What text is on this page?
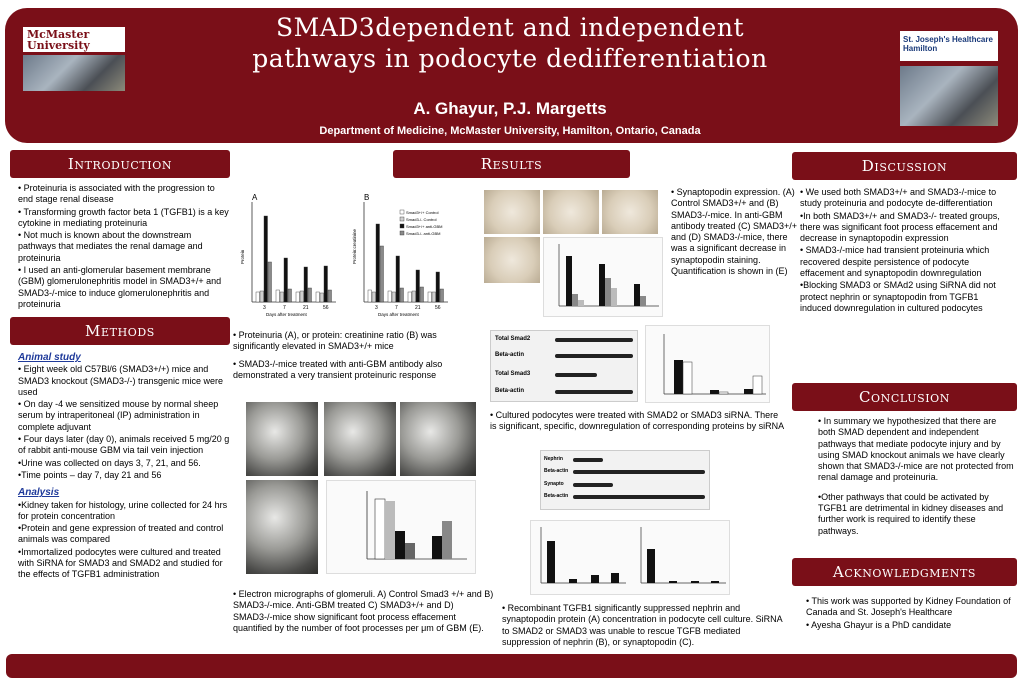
McMaster University	St. Joseph's Healthcare Hamilton
SMAD3dependent and independent
pathways in podocyte dedifferentiation
A. Ghayur, P.J. Margetts
Department of Medicine, McMaster University, Hamilton, Ontario, Canada
Introduction
Methods
Results	Discussion
Conclusion
Acknowledgments

• Proteinuria is associated with the progression to end stage renal disease

• Transforming growth factor beta 1 (TGFB1) is a key cytokine in mediating proteinuria

• Not much is known about the downstream pathways that mediates the renal damage and proteinuria

• I used an anti-glomerular basement membrane (GBM) glomerulonephritis model in SMAD3+/+ and SMAD3-/-mice to induce glomerulonephritis and proteinuria

Animal study

• Eight week old C57Bl/6 (SMAD3+/+) mice and SMAD3 knockout (SMAD3-/-) transgenic mice were used

• On day -4 we sensitized mouse by normal sheep serum by intraperitoneal (IP) administration in complete adjuvant

• Four days later (day 0), animals received 5 mg/20 g of rabbit anti-mouse GBM via tail vein injection

•Urine was collected on days 3, 7, 21, and 56.

•Time points – day 7, day 21 and 56

Analysis

•Kidney taken for histology, urine collected for 24 hrs for protein concentration

•Protein and gene expression of treated and control animals was compared

•Immortalized podocytes were cultured and treated with SiRNA for SMAD3 and SMAD2 and studied for the effects of TGFB1 administration

A
3	7	21	56
Days after treatment
Protein
B
3	7	21	56
Days after treatment
Protein:creatinine
Smad3+/+ Control
Smad3-/- Control
Smad3+/+ anti-GBM
Smad3-/- anti-GBM

• Proteinuria (A), or protein: creatinine ratio (B) was significantly elevated in SMAD3+/+ mice

• SMAD3-/-mice treated with anti-GBM antibody also demonstrated a very transient proteinuric response

• Electron micrographs of glomeruli. A) Control Smad3 +/+ and B) SMAD3-/-mice. Anti-GBM treated C) SMAD3+/+ and D) SMAD3-/-mice show significant foot process effacement quantified by the number of foot processes per μm of GBM (E).
• Synaptopodin expression. (A) Control SMAD3+/+ and (B) SMAD3-/-mice. In anti-GBM antibody treated (C) SMAD3+/+ and (D) SMAD3-/-mice, there was a significant decrease in synaptopodin staining. Quantification is shown in (E)
Total Smad2
Beta-actin
Total Smad3
Beta-actin
• Cultured podocytes were treated with SMAD2 or SMAD3 siRNA. There is significant, specific, downregulation of corresponding proteins by siRNA
Nephrin
Beta-actin
Synapto
Beta-actin
• Recombinant TGFB1 significantly suppressed nephrin and synaptopodin protein (A) concentration in podocyte cell culture. SiRNA to SMAD2 or SMAD3 was unable to rescue TGFB mediated suppression of nephrin (B), or synaptopodin (C).

• We used both SMAD3+/+ and SMAD3-/-mice to study proteinuria and podocyte de-differentiation

•In both SMAD3+/+ and SMAD3-/- treated groups, there was significant foot process effacement and decrease in synaptopodin expression

• SMAD3-/-mice had transient proteinuria which recovered despite persistence of podocyte effacement and synaptopodin downregulation

•Blocking SMAD3 or SMAd2 using SiRNA did not protect nephrin or synaptopodin from TGFB1 induced downregulation in cultured podocytes

• In summary we hypothesized that there are both SMAD dependent and independent pathways that mediate podocyte injury and by using SMAD knockout animals we have clearly shown that SMAD3-/-mice are not protected from renal damage and proteinuria.

•Other pathways that could be activated by TGFB1 are detrimental in kidney diseases and further work is required to identify these pathways.

• This work was supported by Kidney Foundation of Canada and St. Joseph's Healthcare

• Ayesha Ghayur is a PhD candidate
